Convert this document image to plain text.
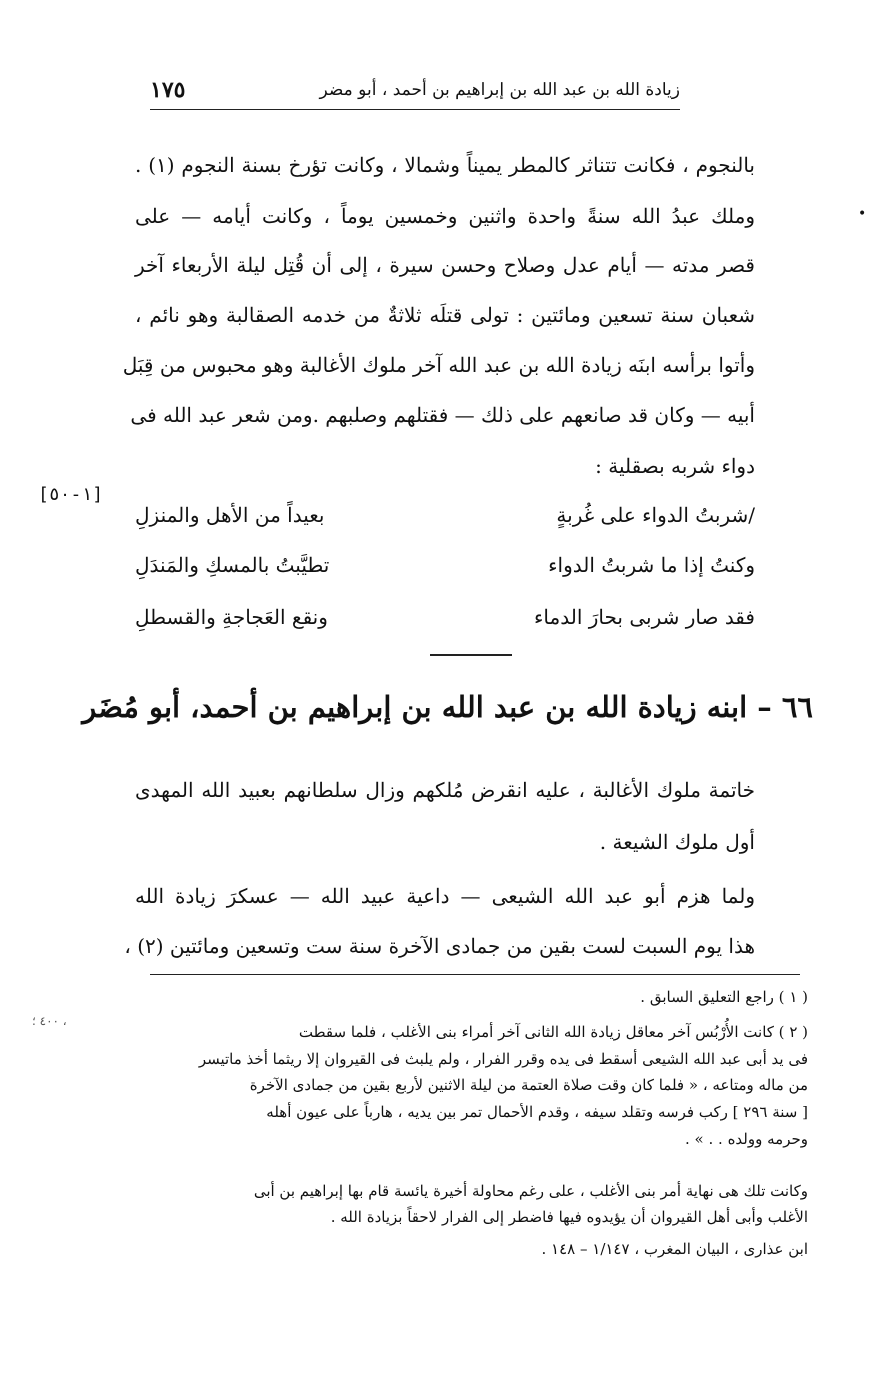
١٧٥	زيادة الله بن عبد الله بن إبراهيم بن أحمد ، أبو مضر
•
بالنجوم ، فكانت تتناثر كالمطر يميناً وشمالا ، وكانت تؤرخ بسنة النجوم (١) .
وملك عبدُ الله سنةً واحدة واثنين وخمسين يوماً ، وكانت أيامه — على
قصر مدته — أيام عدل وصلاح وحسن سيرة ، إلى أن قُتِل ليلة الأربعاء آخر
شعبان سنة تسعين ومائتين : تولى قتلَه ثلاثةٌ من خدمه الصقالبة وهو نائم ،
وأتوا برأسه ابنَه زيادة الله بن عبد الله آخر ملوك الأغالبة وهو محبوس من قِبَل
أبيه — وكان قد صانعهم على ذلك — فقتلهم وصلبهم .ومن شعر عبد الله فى
دواء شربه بصقلية :
[١-٥٠]
/شربتُ الدواء على غُربةٍ
بعيداً من الأهل والمنزلِ
وكنتُ إذا ما شربتُ الدواء
تطيَّبتُ بالمسكِ والمَندَلِ
فقد صار شربى بحارَ الدماء
ونقع العَجاجةِ والقسطلِ
٦٦ – ابنه زيادة الله بن عبد الله بن إبراهيم بن أحمد، أبو مُضَر
خاتمة ملوك الأغالبة ، عليه انقرض مُلكهم وزال سلطانهم بعبيد الله المهدى
أول ملوك الشيعة .
ولما هزم أبو عبد الله الشيعى — داعية عبيد الله — عسكرَ زيادة الله
هذا يوم السبت لست بقين من جمادى الآخرة سنة ست وتسعين ومائتين (٢) ،
٤٠٠ ؛ ،
( ١ ) راجع التعليق السابق .
( ٢ ) كانت الأُرْبُس آخر معاقل زيادة الله الثانى آخر أمراء بنى الأغلب ، فلما سقطت
فى يد أبى عبد الله الشيعى أسقط فى يده وقرر الفرار ، ولم يلبث فى القيروان إلا ريثما أخذ ماتيسر
من ماله ومتاعه ، « فلما كان وقت صلاة العتمة من ليلة الاثنين لأربع بقين من جمادى الآخرة
[ سنة ٢٩٦ ] ركب فرسه وتقلد سيفه ، وقدم الأحمال تمر بين يديه ، هارباً على عيون أهله
وحرمه وولده . . » .
وكانت تلك هى نهاية أمر بنى الأغلب ، على رغم محاولة أخيرة يائسة قام بها إبراهيم بن أبى
الأغلب وأبى أهل القيروان أن يؤيدوه فيها فاضطر إلى الفرار لاحقاً بزيادة الله .
ابن عذارى ، البيان المغرب ، ١/١٤٧ – ١٤٨ .
